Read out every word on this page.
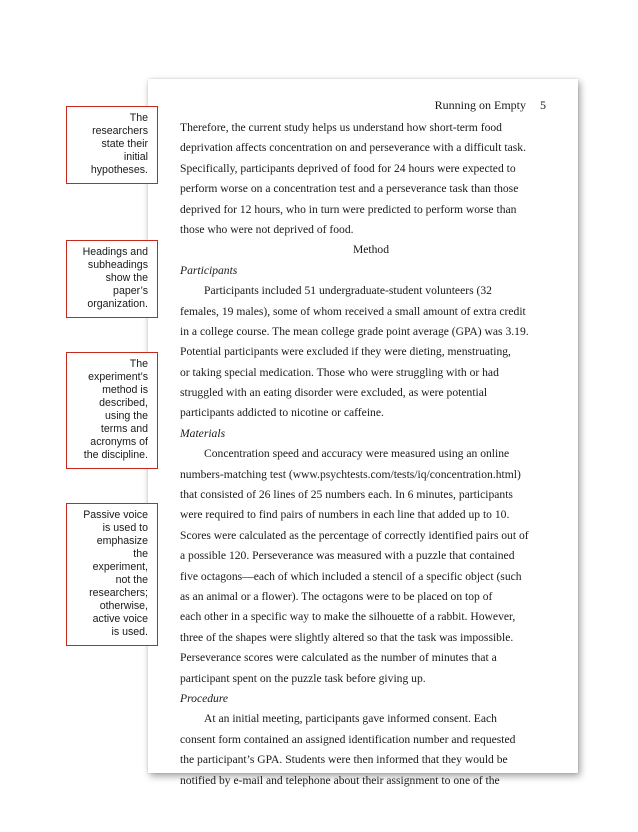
Running on Empty 5
The
researchers
state their
initial
hypotheses.
Headings and
subheadings
show the
paper’s
organization.
The
experiment’s
method is
described,
using the
terms and
acronyms of
the discipline.
Passive voice
is used to
emphasize
the
experiment,
not the
researchers;
otherwise,
active voice
is used.
Therefore, the current study helps us understand how short-term food
deprivation affects concentration on and perseverance with a difficult task.
Specifically, participants deprived of food for 24 hours were expected to
perform worse on a concentration test and a perseverance task than those
deprived for 12 hours, who in turn were predicted to perform worse than
those who were not deprived of food.
Method
Participants
Participants included 51 undergraduate-student volunteers (32
females, 19 males), some of whom received a small amount of extra credit
in a college course. The mean college grade point average (GPA) was 3.19.
Potential participants were excluded if they were dieting, menstruating,
or taking special medication. Those who were struggling with or had
struggled with an eating disorder were excluded, as were potential
participants addicted to nicotine or caffeine.
Materials
Concentration speed and accuracy were measured using an online
numbers-matching test (www.psychtests.com/tests/iq/concentration.html)
that consisted of 26 lines of 25 numbers each. In 6 minutes, participants
were required to find pairs of numbers in each line that added up to 10.
Scores were calculated as the percentage of correctly identified pairs out of
a possible 120. Perseverance was measured with a puzzle that contained
five octagons—each of which included a stencil of a specific object (such
as an animal or a flower). The octagons were to be placed on top of
each other in a specific way to make the silhouette of a rabbit. However,
three of the shapes were slightly altered so that the task was impossible.
Perseverance scores were calculated as the number of minutes that a
participant spent on the puzzle task before giving up.
Procedure
At an initial meeting, participants gave informed consent. Each
consent form contained an assigned identification number and requested
the participant’s GPA. Students were then informed that they would be
notified by e-mail and telephone about their assignment to one of the
